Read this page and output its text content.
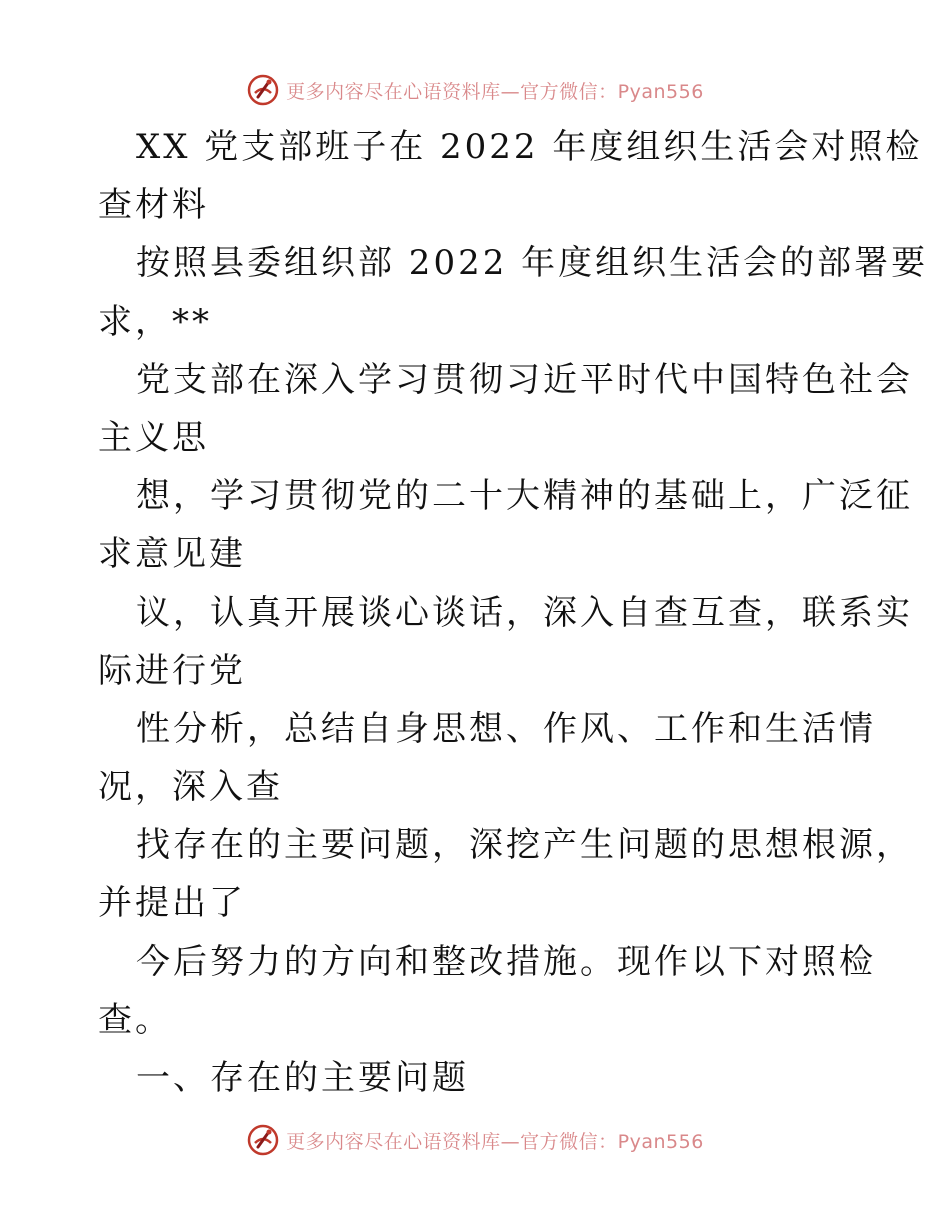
更多内容尽在心语资料库—官方微信：Pyan556
XX 党支部班子在 2022 年度组织生活会对照检
查材料
按照县委组织部 2022 年度组织生活会的部署要
求，**
党支部在深入学习贯彻习近平时代中国特色社会
主义思
想，学习贯彻党的二十大精神的基础上，广泛征
求意见建
议，认真开展谈心谈话，深入自查互查，联系实
际进行党
性分析，总结自身思想、作风、工作和生活情
况，深入查
找存在的主要问题，深挖产生问题的思想根源，
并提出了
今后努力的方向和整改措施。现作以下对照检
查。
一、存在的主要问题
更多内容尽在心语资料库—官方微信：Pyan556
